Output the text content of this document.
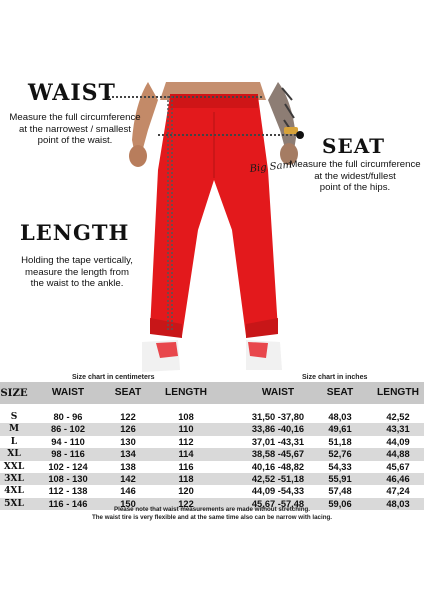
Big Sam
WAIST
Measure the full circumference
at the narrowest / smallest
point of the waist.	SEAT
Measure the full circumference
at the widest/fullest
point of the hips.
LENGTH
Holding the tape vertically,
measure the length from
the waist to the ankle.
Size chart in centimeters	Size chart in inches
SIZE	WAIST	SEAT	LENGTH	WAIST	SEAT	LENGTH
S	80 - 96	122	108	31,50 -37,80	48,03	42,52
M	86 - 102	126	110	33,86 -40,16	49,61	43,31
L	94 - 110	130	112	37,01 -43,31	51,18	44,09
XL	98 - 116	134	114	38,58 -45,67	52,76	44,88
XXL	102 - 124	138	116	40,16 -48,82	54,33	45,67
3XL	108 - 130	142	118	42,52 -51,18	55,91	46,46
4XL	112 - 138	146	120	44,09 -54,33	57,48	47,24
5XL	116 - 146	150	122	45,67 -57,48	59,06	48,03
Please note that waist measurements are made without stretching.
The waist tire is very flexible and at the same time also can be narrow with lacing.
